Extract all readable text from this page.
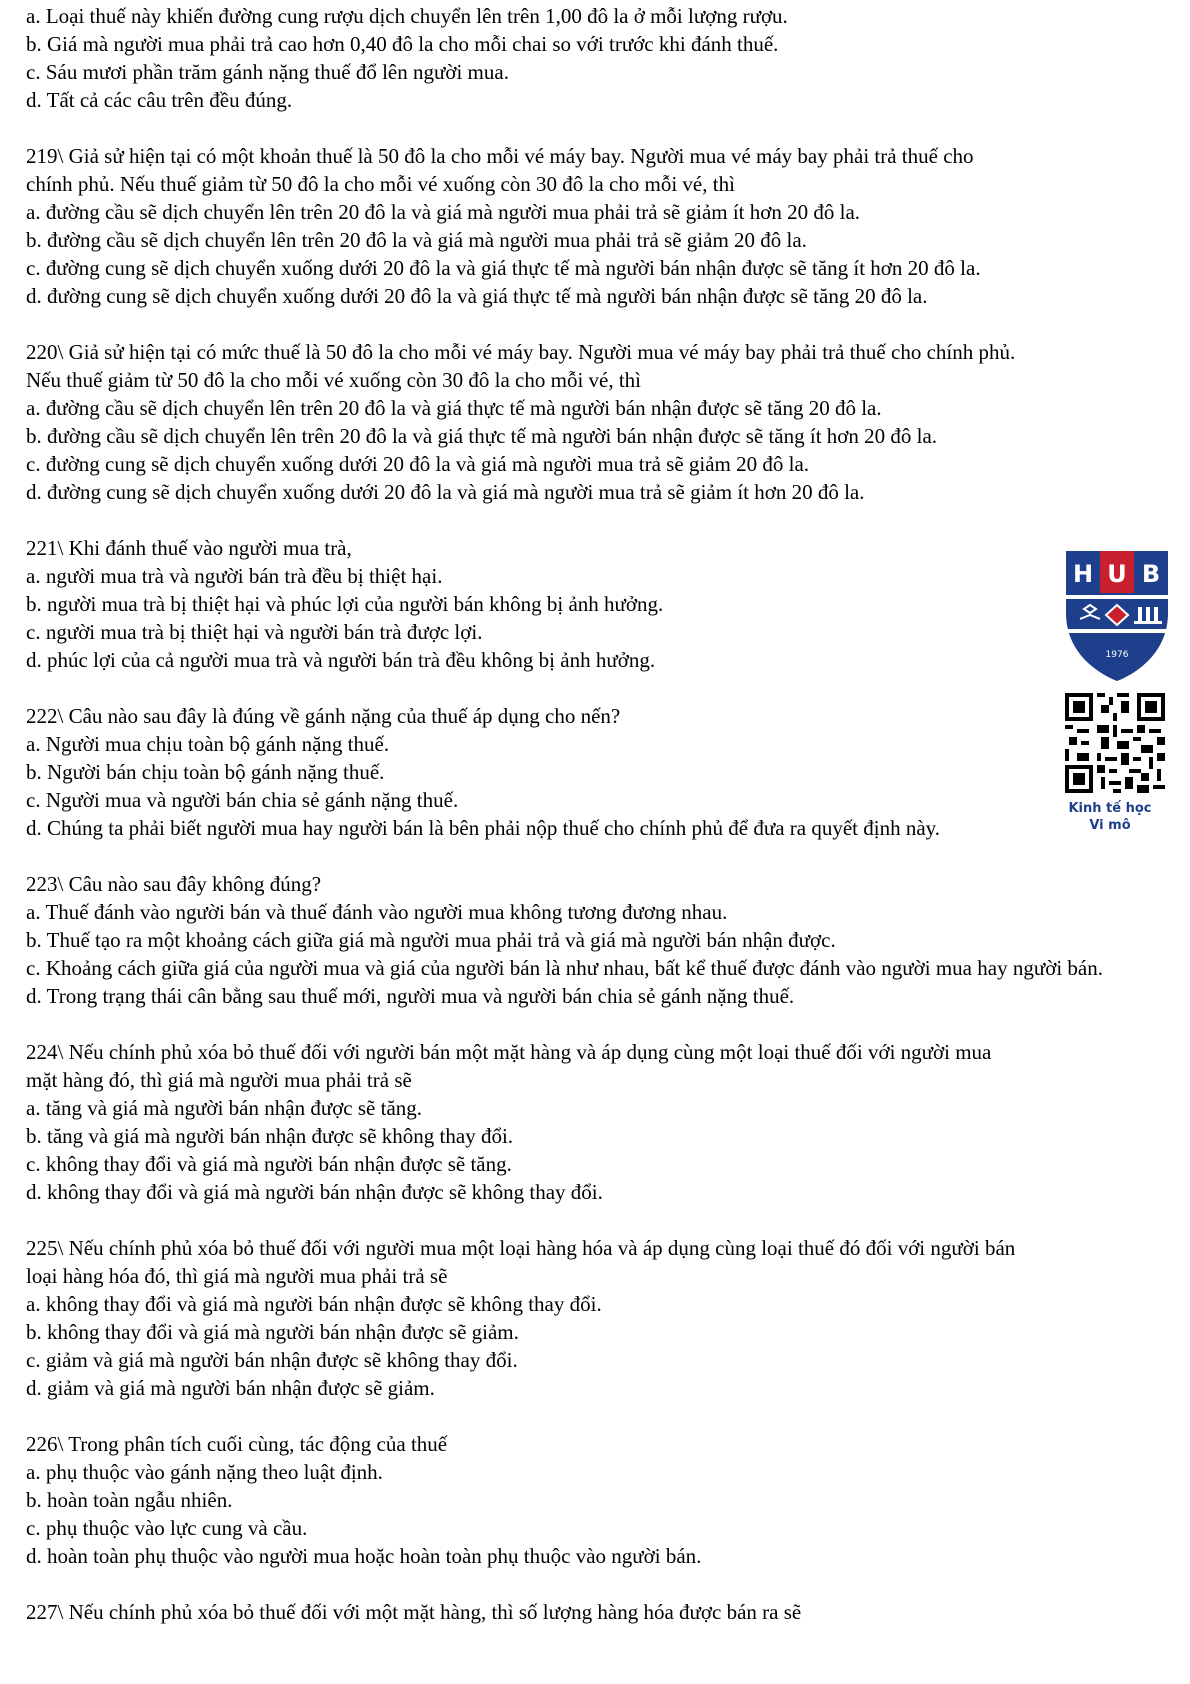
a. Loại thuế này khiến đường cung rượu dịch chuyển lên trên 1,00 đô la ở mỗi lượng rượu.
b. Giá mà người mua phải trả cao hơn 0,40 đô la cho mỗi chai so với trước khi đánh thuế.
c. Sáu mươi phần trăm gánh nặng thuế đổ lên người mua.
d. Tất cả các câu trên đều đúng.
219\ Giả sử hiện tại có một khoản thuế là 50 đô la cho mỗi vé máy bay. Người mua vé máy bay phải trả thuế cho
chính phủ. Nếu thuế giảm từ 50 đô la cho mỗi vé xuống còn 30 đô la cho mỗi vé, thì
a. đường cầu sẽ dịch chuyển lên trên 20 đô la và giá mà người mua phải trả sẽ giảm ít hơn 20 đô la.
b. đường cầu sẽ dịch chuyển lên trên 20 đô la và giá mà người mua phải trả sẽ giảm 20 đô la.
c. đường cung sẽ dịch chuyển xuống dưới 20 đô la và giá thực tế mà người bán nhận được sẽ tăng ít hơn 20 đô la.
d. đường cung sẽ dịch chuyển xuống dưới 20 đô la và giá thực tế mà người bán nhận được sẽ tăng 20 đô la.
220\ Giả sử hiện tại có mức thuế là 50 đô la cho mỗi vé máy bay. Người mua vé máy bay phải trả thuế cho chính phủ.
Nếu thuế giảm từ 50 đô la cho mỗi vé xuống còn 30 đô la cho mỗi vé, thì
a. đường cầu sẽ dịch chuyển lên trên 20 đô la và giá thực tế mà người bán nhận được sẽ tăng 20 đô la.
b. đường cầu sẽ dịch chuyển lên trên 20 đô la và giá thực tế mà người bán nhận được sẽ tăng ít hơn 20 đô la.
c. đường cung sẽ dịch chuyển xuống dưới 20 đô la và giá mà người mua trả sẽ giảm 20 đô la.
d. đường cung sẽ dịch chuyển xuống dưới 20 đô la và giá mà người mua trả sẽ giảm ít hơn 20 đô la.
221\ Khi đánh thuế vào người mua trà,
a. người mua trà và người bán trà đều bị thiệt hại.
b. người mua trà bị thiệt hại và phúc lợi của người bán không bị ảnh hưởng.
c. người mua trà bị thiệt hại và người bán trà được lợi.
d. phúc lợi của cả người mua trà và người bán trà đều không bị ảnh hưởng.
222\ Câu nào sau đây là đúng về gánh nặng của thuế áp dụng cho nến?
a. Người mua chịu toàn bộ gánh nặng thuế.
b. Người bán chịu toàn bộ gánh nặng thuế.
c. Người mua và người bán chia sẻ gánh nặng thuế.
d. Chúng ta phải biết người mua hay người bán là bên phải nộp thuế cho chính phủ để đưa ra quyết định này.
223\ Câu nào sau đây không đúng?
a. Thuế đánh vào người bán và thuế đánh vào người mua không tương đương nhau.
b. Thuế tạo ra một khoảng cách giữa giá mà người mua phải trả và giá mà người bán nhận được.
c. Khoảng cách giữa giá của người mua và giá của người bán là như nhau, bất kể thuế được đánh vào người mua hay người bán.
d. Trong trạng thái cân bằng sau thuế mới, người mua và người bán chia sẻ gánh nặng thuế.
224\ Nếu chính phủ xóa bỏ thuế đối với người bán một mặt hàng và áp dụng cùng một loại thuế đối với người mua
mặt hàng đó, thì giá mà người mua phải trả sẽ
a. tăng và giá mà người bán nhận được sẽ tăng.
b. tăng và giá mà người bán nhận được sẽ không thay đổi.
c. không thay đổi và giá mà người bán nhận được sẽ tăng.
d. không thay đổi và giá mà người bán nhận được sẽ không thay đổi.
225\ Nếu chính phủ xóa bỏ thuế đối với người mua một loại hàng hóa và áp dụng cùng loại thuế đó đối với người bán
loại hàng hóa đó, thì giá mà người mua phải trả sẽ
a. không thay đổi và giá mà người bán nhận được sẽ không thay đổi.
b. không thay đổi và giá mà người bán nhận được sẽ giảm.
c. giảm và giá mà người bán nhận được sẽ không thay đổi.
d. giảm và giá mà người bán nhận được sẽ giảm.
226\ Trong phân tích cuối cùng, tác động của thuế
a. phụ thuộc vào gánh nặng theo luật định.
b. hoàn toàn ngẫu nhiên.
c. phụ thuộc vào lực cung và cầu.
d. hoàn toàn phụ thuộc vào người mua hoặc hoàn toàn phụ thuộc vào người bán.
227\ Nếu chính phủ xóa bỏ thuế đối với một mặt hàng, thì số lượng hàng hóa được bán ra sẽ
H U B
1976
Kinh tế học
Vi mô
